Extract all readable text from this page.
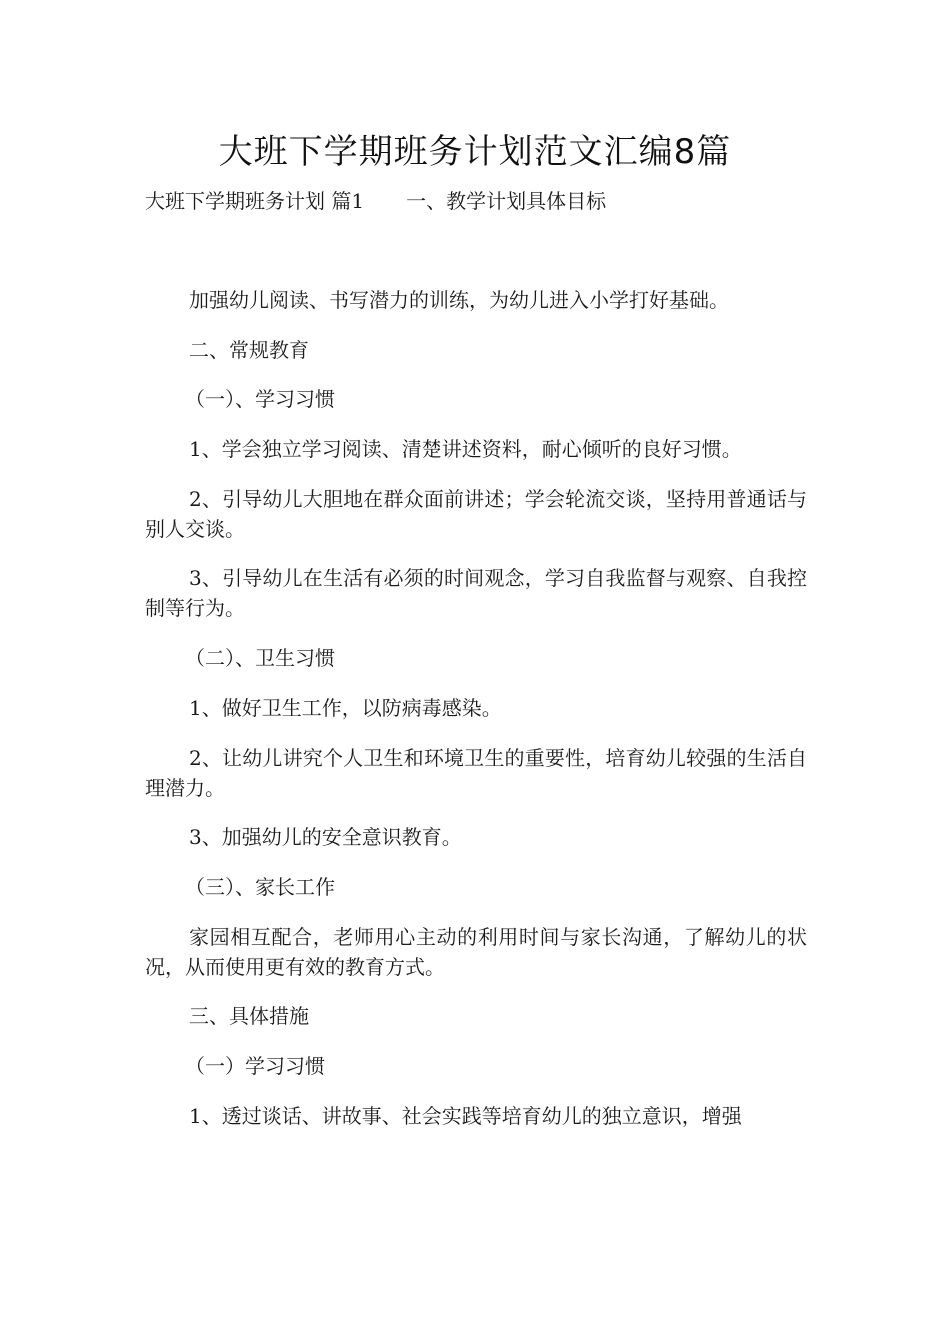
大班下学期班务计划范文汇编8篇
大班下学期班务计划 篇1 一、教学计划具体目标

加强幼儿阅读、书写潜力的训练，为幼儿进入小学打好基础。

二、常规教育

（一）、学习习惯

1、学会独立学习阅读、清楚讲述资料，耐心倾听的良好习惯。

2、引导幼儿大胆地在群众面前讲述；学会轮流交谈，坚持用普通话与别人交谈。

3、引导幼儿在生活有必须的时间观念，学习自我监督与观察、自我控制等行为。

（二）、卫生习惯

1、做好卫生工作，以防病毒感染。

2、让幼儿讲究个人卫生和环境卫生的重要性，培育幼儿较强的生活自理潜力。

3、加强幼儿的安全意识教育。

（三）、家长工作

家园相互配合，老师用心主动的利用时间与家长沟通，了解幼儿的状况，从而使用更有效的教育方式。

三、具体措施

（一）学习习惯

1、透过谈话、讲故事、社会实践等培育幼儿的独立意识，增强
